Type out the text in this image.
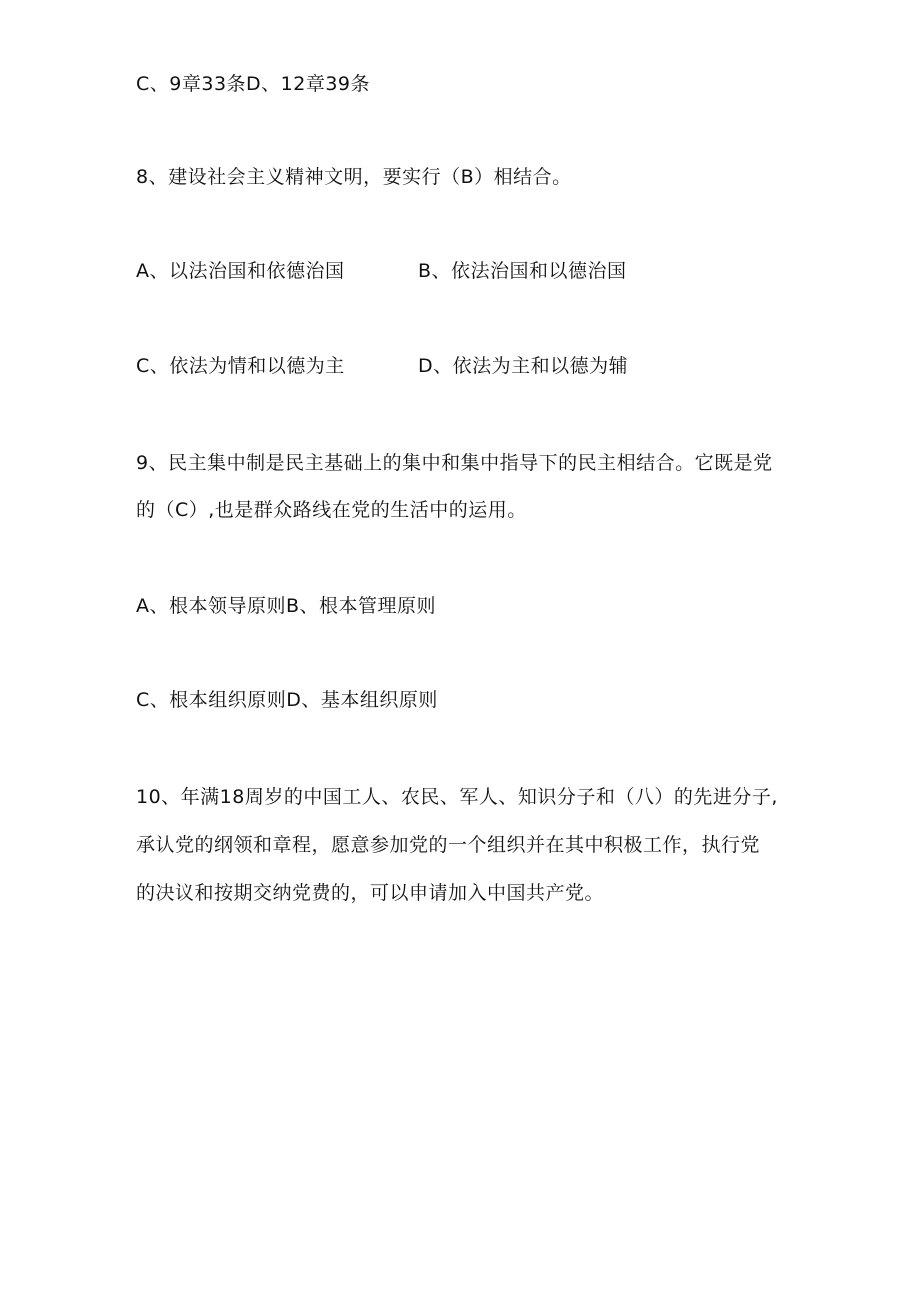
C、9章33条D、12章39条
8、建设社会主义精神文明，要实行（B）相结合。
A、以法治国和依德治国	B、依法治国和以德治国
C、依法为情和以德为主	D、依法为主和以德为辅
9、民主集中制是民主基础上的集中和集中指导下的民主相结合。它既是党
的（C）,也是群众路线在党的生活中的运用。
A、根本领导原则B、根本管理原则
C、根本组织原则D、基本组织原则
10、年满18周岁的中国工人、农民、军人、知识分子和（八）的先进分子,
承认党的纲领和章程，愿意参加党的一个组织并在其中积极工作，执行党
的决议和按期交纳党费的，可以申请加入中国共产党。
